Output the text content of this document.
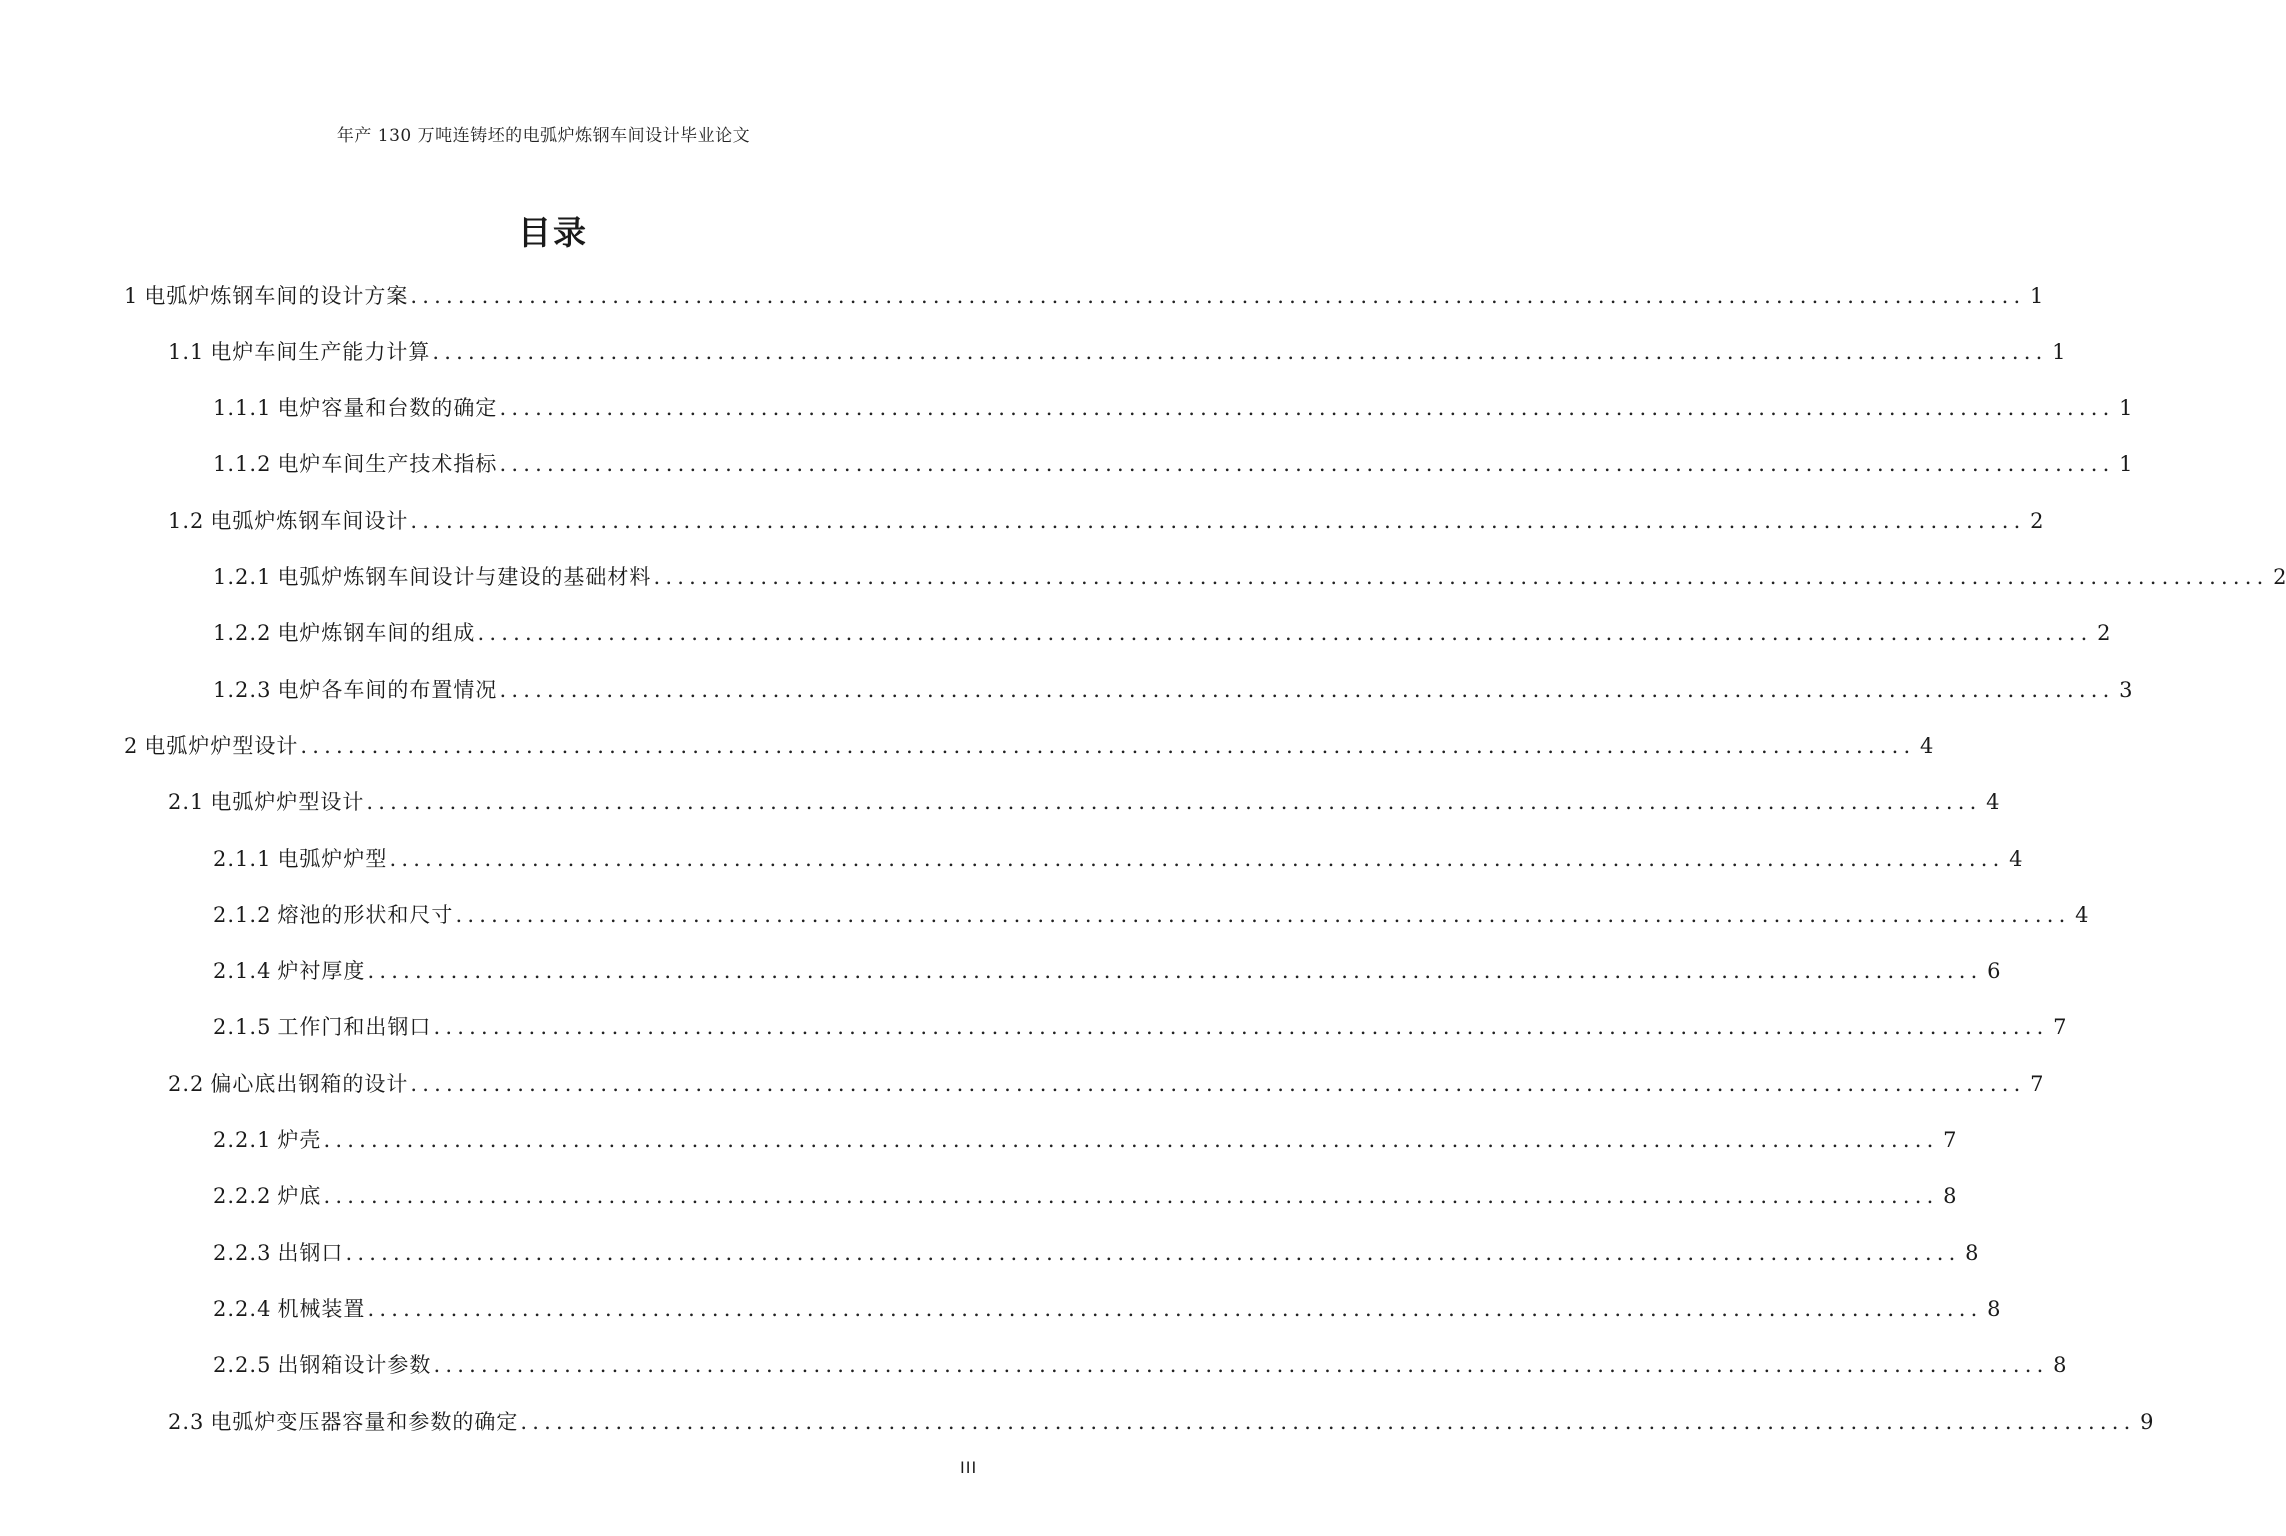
年产 130 万吨连铸坯的电弧炉炼钢车间设计毕业论文
目录
1 电弧炉炼钢车间的设计方案 ........................................................................................................................................ 1
1.1 电炉车间生产能力计算 ........................................................................................................................................ 1
1.1.1 电炉容量和台数的确定 ........................................................................................................................................ 1
1.1.2 电炉车间生产技术指标 ........................................................................................................................................ 1
1.2 电弧炉炼钢车间设计 ........................................................................................................................................ 2
1.2.1 电弧炉炼钢车间设计与建设的基础材料 ........................................................................................................................................ 2
1.2.2 电炉炼钢车间的组成 ........................................................................................................................................ 2
1.2.3 电炉各车间的布置情况 ........................................................................................................................................ 3
2 电弧炉炉型设计 ........................................................................................................................................ 4
2.1 电弧炉炉型设计 ........................................................................................................................................ 4
2.1.1 电弧炉炉型 ........................................................................................................................................ 4
2.1.2 熔池的形状和尺寸 ........................................................................................................................................ 4
2.1.4 炉衬厚度 ........................................................................................................................................ 6
2.1.5 工作门和出钢口 ........................................................................................................................................ 7
2.2 偏心底出钢箱的设计 ........................................................................................................................................ 7
2.2.1 炉壳 ........................................................................................................................................ 7
2.2.2 炉底 ........................................................................................................................................ 8
2.2.3 出钢口 ........................................................................................................................................ 8
2.2.4 机械装置 ........................................................................................................................................ 8
2.2.5 出钢箱设计参数 ........................................................................................................................................ 8
2.3 电弧炉变压器容量和参数的确定 ........................................................................................................................................ 9
III
